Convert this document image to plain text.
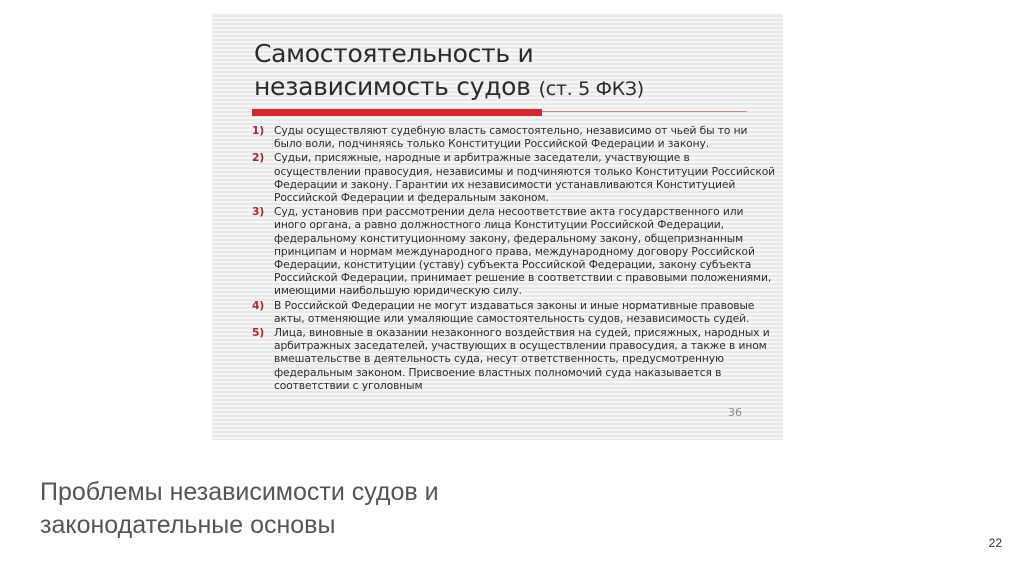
Самостоятельность и
независимость судов (ст. 5 ФКЗ)
1) Суды осуществляют судебную власть самостоятельно, независимо от чьей бы то ни было воли, подчиняясь только Конституции Российской Федерации и закону.
2) Судьи, присяжные, народные и арбитражные заседатели, участвующие в осуществлении правосудия, независимы и подчиняются только Конституции Российской Федерации и закону. Гарантии их независимости устанавливаются Конституцией Российской Федерации и федеральным законом.
3) Суд, установив при рассмотрении дела несоответствие акта государственного или иного органа, а равно должностного лица Конституции Российской Федерации, федеральному конституционному закону, федеральному закону, общепризнанным принципам и нормам международного права, международному договору Российской Федерации, конституции (уставу) субъекта Российской Федерации, закону субъекта Российской Федерации, принимает решение в соответствии с правовыми положениями, имеющими наибольшую юридическую силу.
4) В Российской Федерации не могут издаваться законы и иные нормативные правовые акты, отменяющие или умаляющие самостоятельность судов, независимость судей.
5) Лица, виновные в оказании незаконного воздействия на судей, присяжных, народных и арбитражных заседателей, участвующих в осуществлении правосудия, а также в ином вмешательстве в деятельность суда, несут ответственность, предусмотренную федеральным законом. Присвоение властных полномочий суда наказывается в соответствии с уголовным
36
Проблемы независимости судов и
законодательные основы
22
